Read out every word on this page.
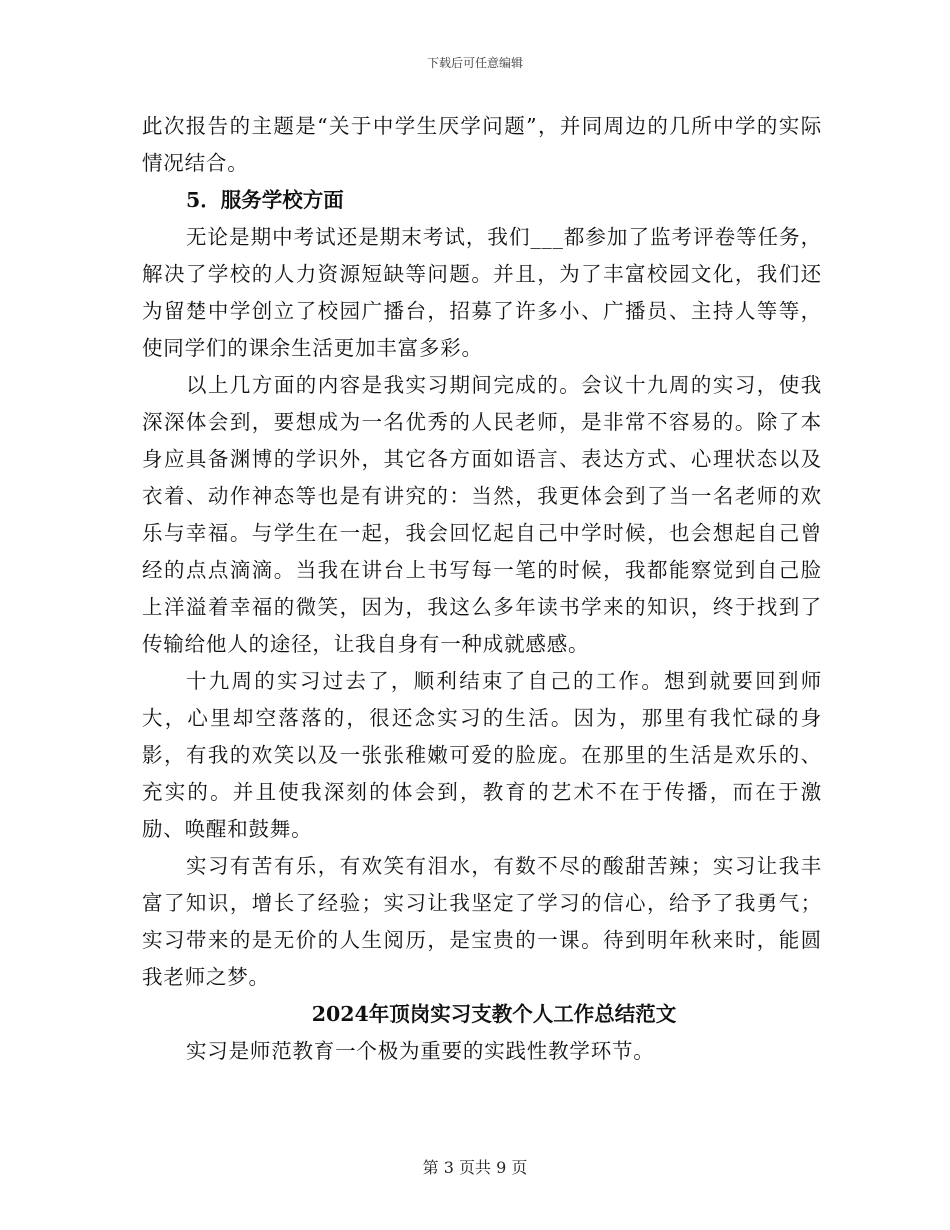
下载后可任意编辑

此次报告的主题是“关于中学生厌学问题”，并同周边的几所中学的实际情况结合。

5．服务学校方面

无论是期中考试还是期末考试，我们___都参加了监考评卷等任务，解决了学校的人力资源短缺等问题。并且，为了丰富校园文化，我们还为留楚中学创立了校园广播台，招募了许多小、广播员、主持人等等，使同学们的课余生活更加丰富多彩。

以上几方面的内容是我实习期间完成的。会议十九周的实习，使我深深体会到，要想成为一名优秀的人民老师，是非常不容易的。除了本身应具备渊博的学识外，其它各方面如语言、表达方式、心理状态以及衣着、动作神态等也是有讲究的：当然，我更体会到了当一名老师的欢乐与幸福。与学生在一起，我会回忆起自己中学时候，也会想起自己曾经的点点滴滴。当我在讲台上书写每一笔的时候，我都能察觉到自己脸上洋溢着幸福的微笑，因为，我这么多年读书学来的知识，终于找到了传输给他人的途径，让我自身有一种成就感感。

十九周的实习过去了，顺利结束了自己的工作。想到就要回到师大，心里却空落落的，很还念实习的生活。因为，那里有我忙碌的身影，有我的欢笑以及一张张稚嫩可爱的脸庞。在那里的生活是欢乐的、充实的。并且使我深刻的体会到，教育的艺术不在于传播，而在于激励、唤醒和鼓舞。

实习有苦有乐，有欢笑有泪水，有数不尽的酸甜苦辣；实习让我丰富了知识，增长了经验；实习让我坚定了学习的信心，给予了我勇气；实习带来的是无价的人生阅历，是宝贵的一课。待到明年秋来时，能圆我老师之梦。

2024年顶岗实习支教个人工作总结范文

实习是师范教育一个极为重要的实践性教学环节。

第 3 页共 9 页
